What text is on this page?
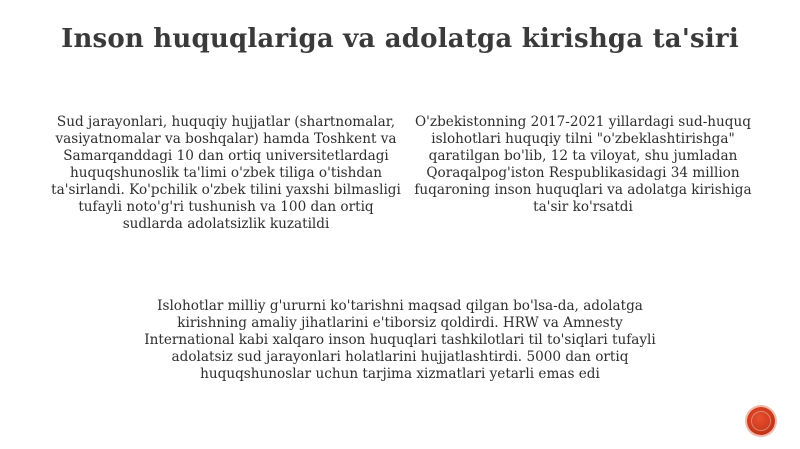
Inson huquqlariga va adolatga kirishga ta'siri

Sud jarayonlari, huquqiy hujjatlar (shartnomalar, vasiyatnomalar va boshqalar) hamda Toshkent va Samarqanddagi 10 dan ortiq universitetlardagi huquqshunoslik ta'limi o'zbek tiliga o'tishdan ta'sirlandi. Ko'pchilik o'zbek tilini yaxshi bilmasligi tufayli noto'g'ri tushunish va 100 dan ortiq sudlarda adolatsizlik kuzatildi

O'zbekistonning 2017-2021 yillardagi sud-huquq islohotlari huquqiy tilni "o'zbeklashtirishga" qaratilgan bo'lib, 12 ta viloyat, shu jumladan Qoraqalpog'iston Respublikasidagi 34 million fuqaroning inson huquqlari va adolatga kirishiga ta'sir ko'rsatdi

Islohotlar milliy g'ururni ko'tarishni maqsad qilgan bo'lsa-da, adolatga kirishning amaliy jihatlarini e'tiborsiz qoldirdi. HRW va Amnesty International kabi xalqaro inson huquqlari tashkilotlari til to'siqlari tufayli adolatsiz sud jarayonlari holatlarini hujjatlashtirdi. 5000 dan ortiq huquqshunoslar uchun tarjima xizmatlari yetarli emas edi
